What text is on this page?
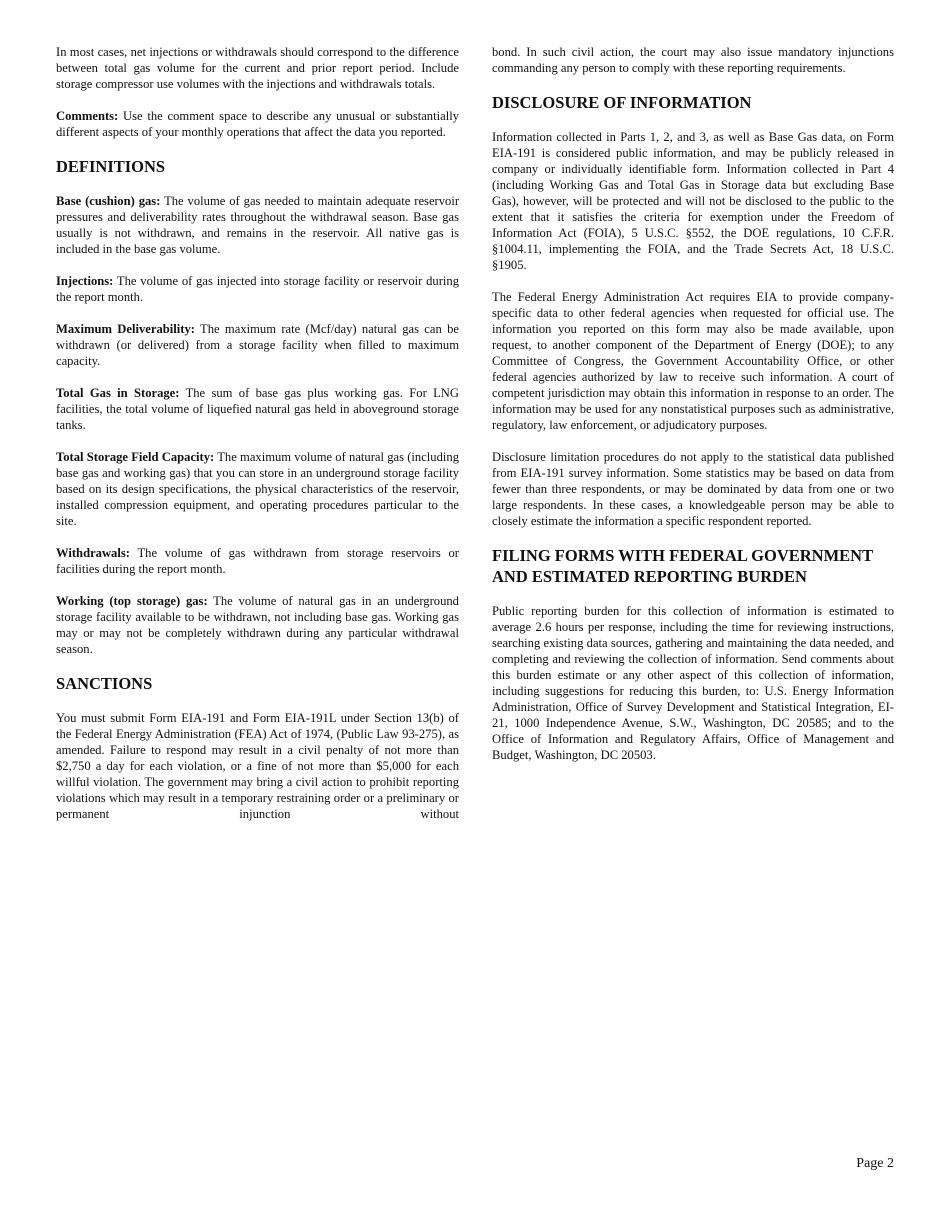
In most cases, net injections or withdrawals should correspond to the difference between total gas volume for the current and prior report period. Include storage compressor use volumes with the injections and withdrawals totals.

Comments: Use the comment space to describe any unusual or substantially different aspects of your monthly operations that affect the data you reported.

DEFINITIONS

Base (cushion) gas: The volume of gas needed to maintain adequate reservoir pressures and deliverability rates throughout the withdrawal season. Base gas usually is not withdrawn, and remains in the reservoir. All native gas is included in the base gas volume.

Injections: The volume of gas injected into storage facility or reservoir during the report month.

Maximum Deliverability: The maximum rate (Mcf/day) natural gas can be withdrawn (or delivered) from a storage facility when filled to maximum capacity.

Total Gas in Storage: The sum of base gas plus working gas. For LNG facilities, the total volume of liquefied natural gas held in aboveground storage tanks.

Total Storage Field Capacity: The maximum volume of natural gas (including base gas and working gas) that you can store in an underground storage facility based on its design specifications, the physical characteristics of the reservoir, installed compression equipment, and operating procedures particular to the site.

Withdrawals: The volume of gas withdrawn from storage reservoirs or facilities during the report month.

Working (top storage) gas: The volume of natural gas in an underground storage facility available to be withdrawn, not including base gas. Working gas may or may not be completely withdrawn during any particular withdrawal season.

SANCTIONS

You must submit Form EIA-191 and Form EIA-191L under Section 13(b) of the Federal Energy Administration (FEA) Act of 1974, (Public Law 93-275), as amended. Failure to respond may result in a civil penalty of not more than $2,750 a day for each violation, or a fine of not more than $5,000 for each willful violation. The government may bring a civil action to prohibit reporting violations which may result in a temporary restraining order or a preliminary or permanent injunction without

bond. In such civil action, the court may also issue mandatory injunctions commanding any person to comply with these reporting requirements.

DISCLOSURE OF INFORMATION

Information collected in Parts 1, 2, and 3, as well as Base Gas data, on Form EIA-191 is considered public information, and may be publicly released in company or individually identifiable form. Information collected in Part 4 (including Working Gas and Total Gas in Storage data but excluding Base Gas), however, will be protected and will not be disclosed to the public to the extent that it satisfies the criteria for exemption under the Freedom of Information Act (FOIA), 5 U.S.C. §552, the DOE regulations, 10 C.F.R. §1004.11, implementing the FOIA, and the Trade Secrets Act, 18 U.S.C. §1905.

The Federal Energy Administration Act requires EIA to provide company-specific data to other federal agencies when requested for official use. The information you reported on this form may also be made available, upon request, to another component of the Department of Energy (DOE); to any Committee of Congress, the Government Accountability Office, or other federal agencies authorized by law to receive such information. A court of competent jurisdiction may obtain this information in response to an order. The information may be used for any nonstatistical purposes such as administrative, regulatory, law enforcement, or adjudicatory purposes.

Disclosure limitation procedures do not apply to the statistical data published from EIA-191 survey information. Some statistics may be based on data from fewer than three respondents, or may be dominated by data from one or two large respondents. In these cases, a knowledgeable person may be able to closely estimate the information a specific respondent reported.

FILING FORMS WITH FEDERAL GOVERNMENT AND ESTIMATED REPORTING BURDEN

Public reporting burden for this collection of information is estimated to average 2.6 hours per response, including the time for reviewing instructions, searching existing data sources, gathering and maintaining the data needed, and completing and reviewing the collection of information. Send comments about this burden estimate or any other aspect of this collection of information, including suggestions for reducing this burden, to: U.S. Energy Information Administration, Office of Survey Development and Statistical Integration, EI-21, 1000 Independence Avenue, S.W., Washington, DC 20585; and to the Office of Information and Regulatory Affairs, Office of Management and Budget, Washington, DC 20503.

Page 2
